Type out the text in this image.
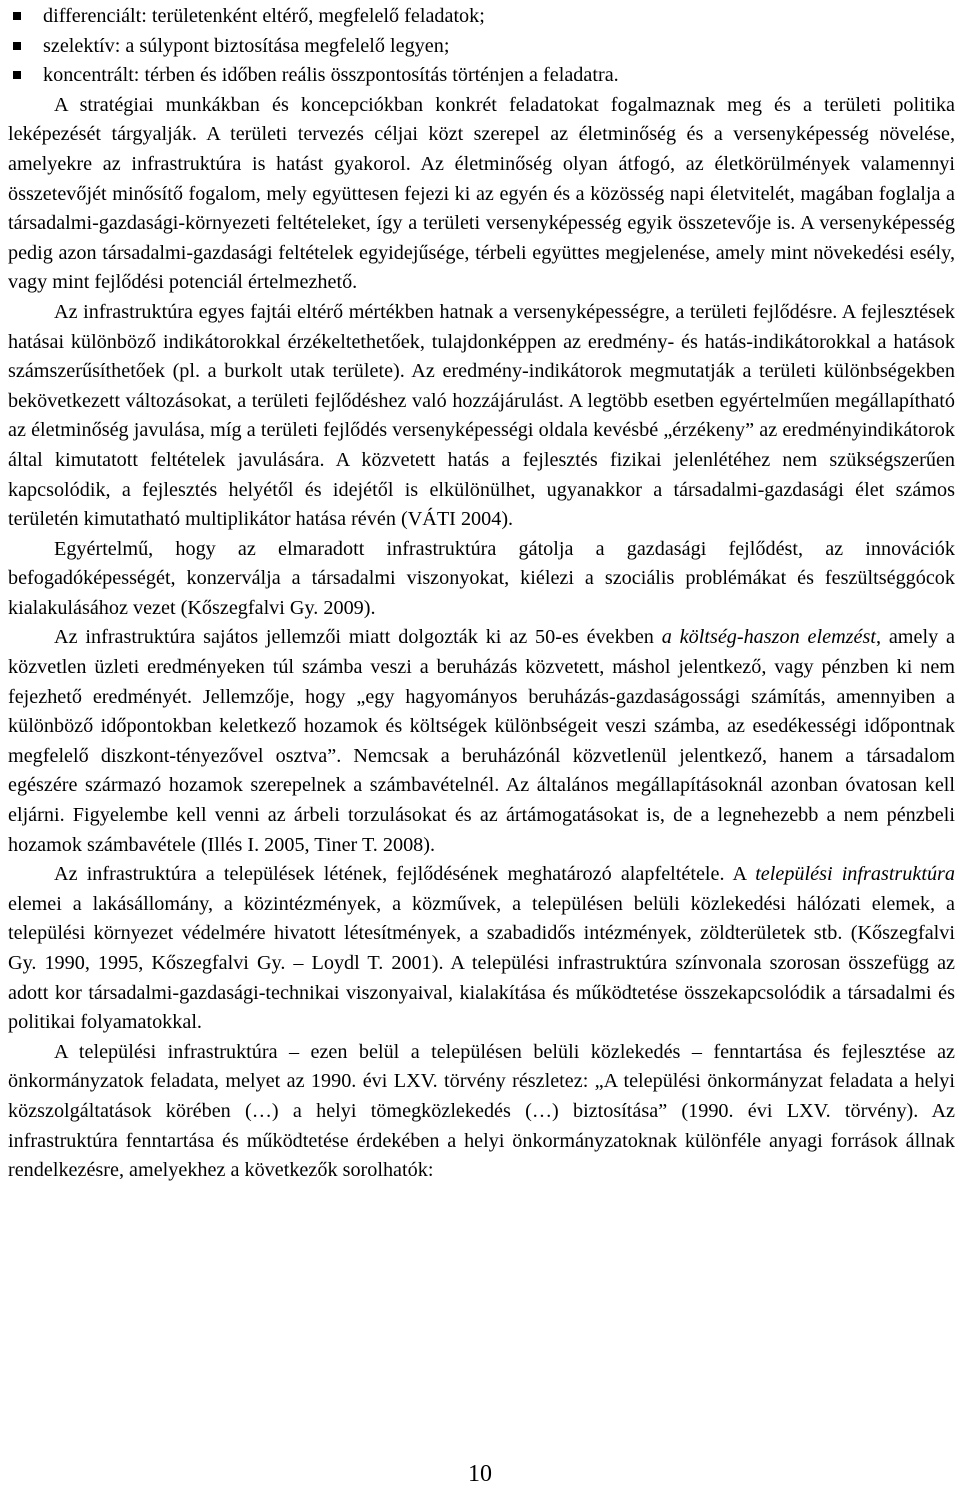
differenciált: területenként eltérő, megfelelő feladatok;
szelektív: a súlypont biztosítása megfelelő legyen;
koncentrált: térben és időben reális összpontosítás történjen a feladatra.

A stratégiai munkákban és koncepciókban konkrét feladatokat fogalmaznak meg és a területi politika leképezését tárgyalják. A területi tervezés céljai közt szerepel az életminőség és a versenyképesség növelése, amelyekre az infrastruktúra is hatást gyakorol. Az életminőség olyan átfogó, az életkörülmények valamennyi összetevőjét minősítő fogalom, mely együttesen fejezi ki az egyén és a közösség napi életvitelét, magában foglalja a társadalmi-gazdasági-környezeti feltételeket, így a területi versenyképesség egyik összetevője is. A versenyképesség pedig azon társadalmi-gazdasági feltételek egyidejűsége, térbeli együttes megjelenése, amely mint növekedési esély, vagy mint fejlődési potenciál értelmezhető.

Az infrastruktúra egyes fajtái eltérő mértékben hatnak a versenyképességre, a területi fejlődésre. A fejlesztések hatásai különböző indikátorokkal érzékeltethetőek, tulajdonképpen az eredmény- és hatás-indikátorokkal a hatások számszerűsíthetőek (pl. a burkolt utak területe). Az eredmény-indikátorok megmutatják a területi különbségekben bekövetkezett változásokat, a területi fejlődéshez való hozzájárulást. A legtöbb esetben egyértelműen megállapítható az életminőség javulása, míg a területi fejlődés versenyképességi oldala kevésbé „érzékeny” az eredményindikátorok által kimutatott feltételek javulására. A közvetett hatás a fejlesztés fizikai jelenlétéhez nem szükségszerűen kapcsolódik, a fejlesztés helyétől és idejétől is elkülönülhet, ugyanakkor a társadalmi-gazdasági élet számos területén kimutatható multiplikátor hatása révén (VÁTI 2004).

Egyértelmű, hogy az elmaradott infrastruktúra gátolja a gazdasági fejlődést, az innovációk befogadóképességét, konzerválja a társadalmi viszonyokat, kiélezi a szociális problémákat és feszültséggócok kialakulásához vezet (Kőszegfalvi Gy. 2009).

Az infrastruktúra sajátos jellemzői miatt dolgozták ki az 50-es években a költség-haszon elemzést, amely a közvetlen üzleti eredményeken túl számba veszi a beruházás közvetett, máshol jelentkező, vagy pénzben ki nem fejezhető eredményét. Jellemzője, hogy „egy hagyományos beruházás-gazdaságossági számítás, amennyiben a különböző időpontokban keletkező hozamok és költségek különbségeit veszi számba, az esedékességi időpontnak megfelelő diszkont-tényezővel osztva”. Nemcsak a beruházónál közvetlenül jelentkező, hanem a társadalom egészére származó hozamok szerepelnek a számbavételnél. Az általános megállapításoknál azonban óvatosan kell eljárni. Figyelembe kell venni az árbeli torzulásokat és az ártámogatásokat is, de a legnehezebb a nem pénzbeli hozamok számbavétele (Illés I. 2005, Tiner T. 2008).

Az infrastruktúra a települések létének, fejlődésének meghatározó alapfeltétele. A települési infrastruktúra elemei a lakásállomány, a közintézmények, a közművek, a településen belüli közlekedési hálózati elemek, a települési környezet védelmére hivatott létesítmények, a szabadidős intézmények, zöldterületek stb. (Kőszegfalvi Gy. 1990, 1995, Kőszegfalvi Gy. – Loydl T. 2001). A települési infrastruktúra színvonala szorosan összefügg az adott kor társadalmi-gazdasági-technikai viszonyaival, kialakítása és működtetése összekapcsolódik a társadalmi és politikai folyamatokkal.

A települési infrastruktúra – ezen belül a településen belüli közlekedés – fenntartása és fejlesztése az önkormányzatok feladata, melyet az 1990. évi LXV. törvény részletez: „A települési önkormányzat feladata a helyi közszolgáltatások körében (…) a helyi tömegközlekedés (…) biztosítása” (1990. évi LXV. törvény). Az infrastruktúra fenntartása és működtetése érdekében a helyi önkormányzatoknak különféle anyagi források állnak rendelkezésre, amelyekhez a következők sorolhatók:

10
